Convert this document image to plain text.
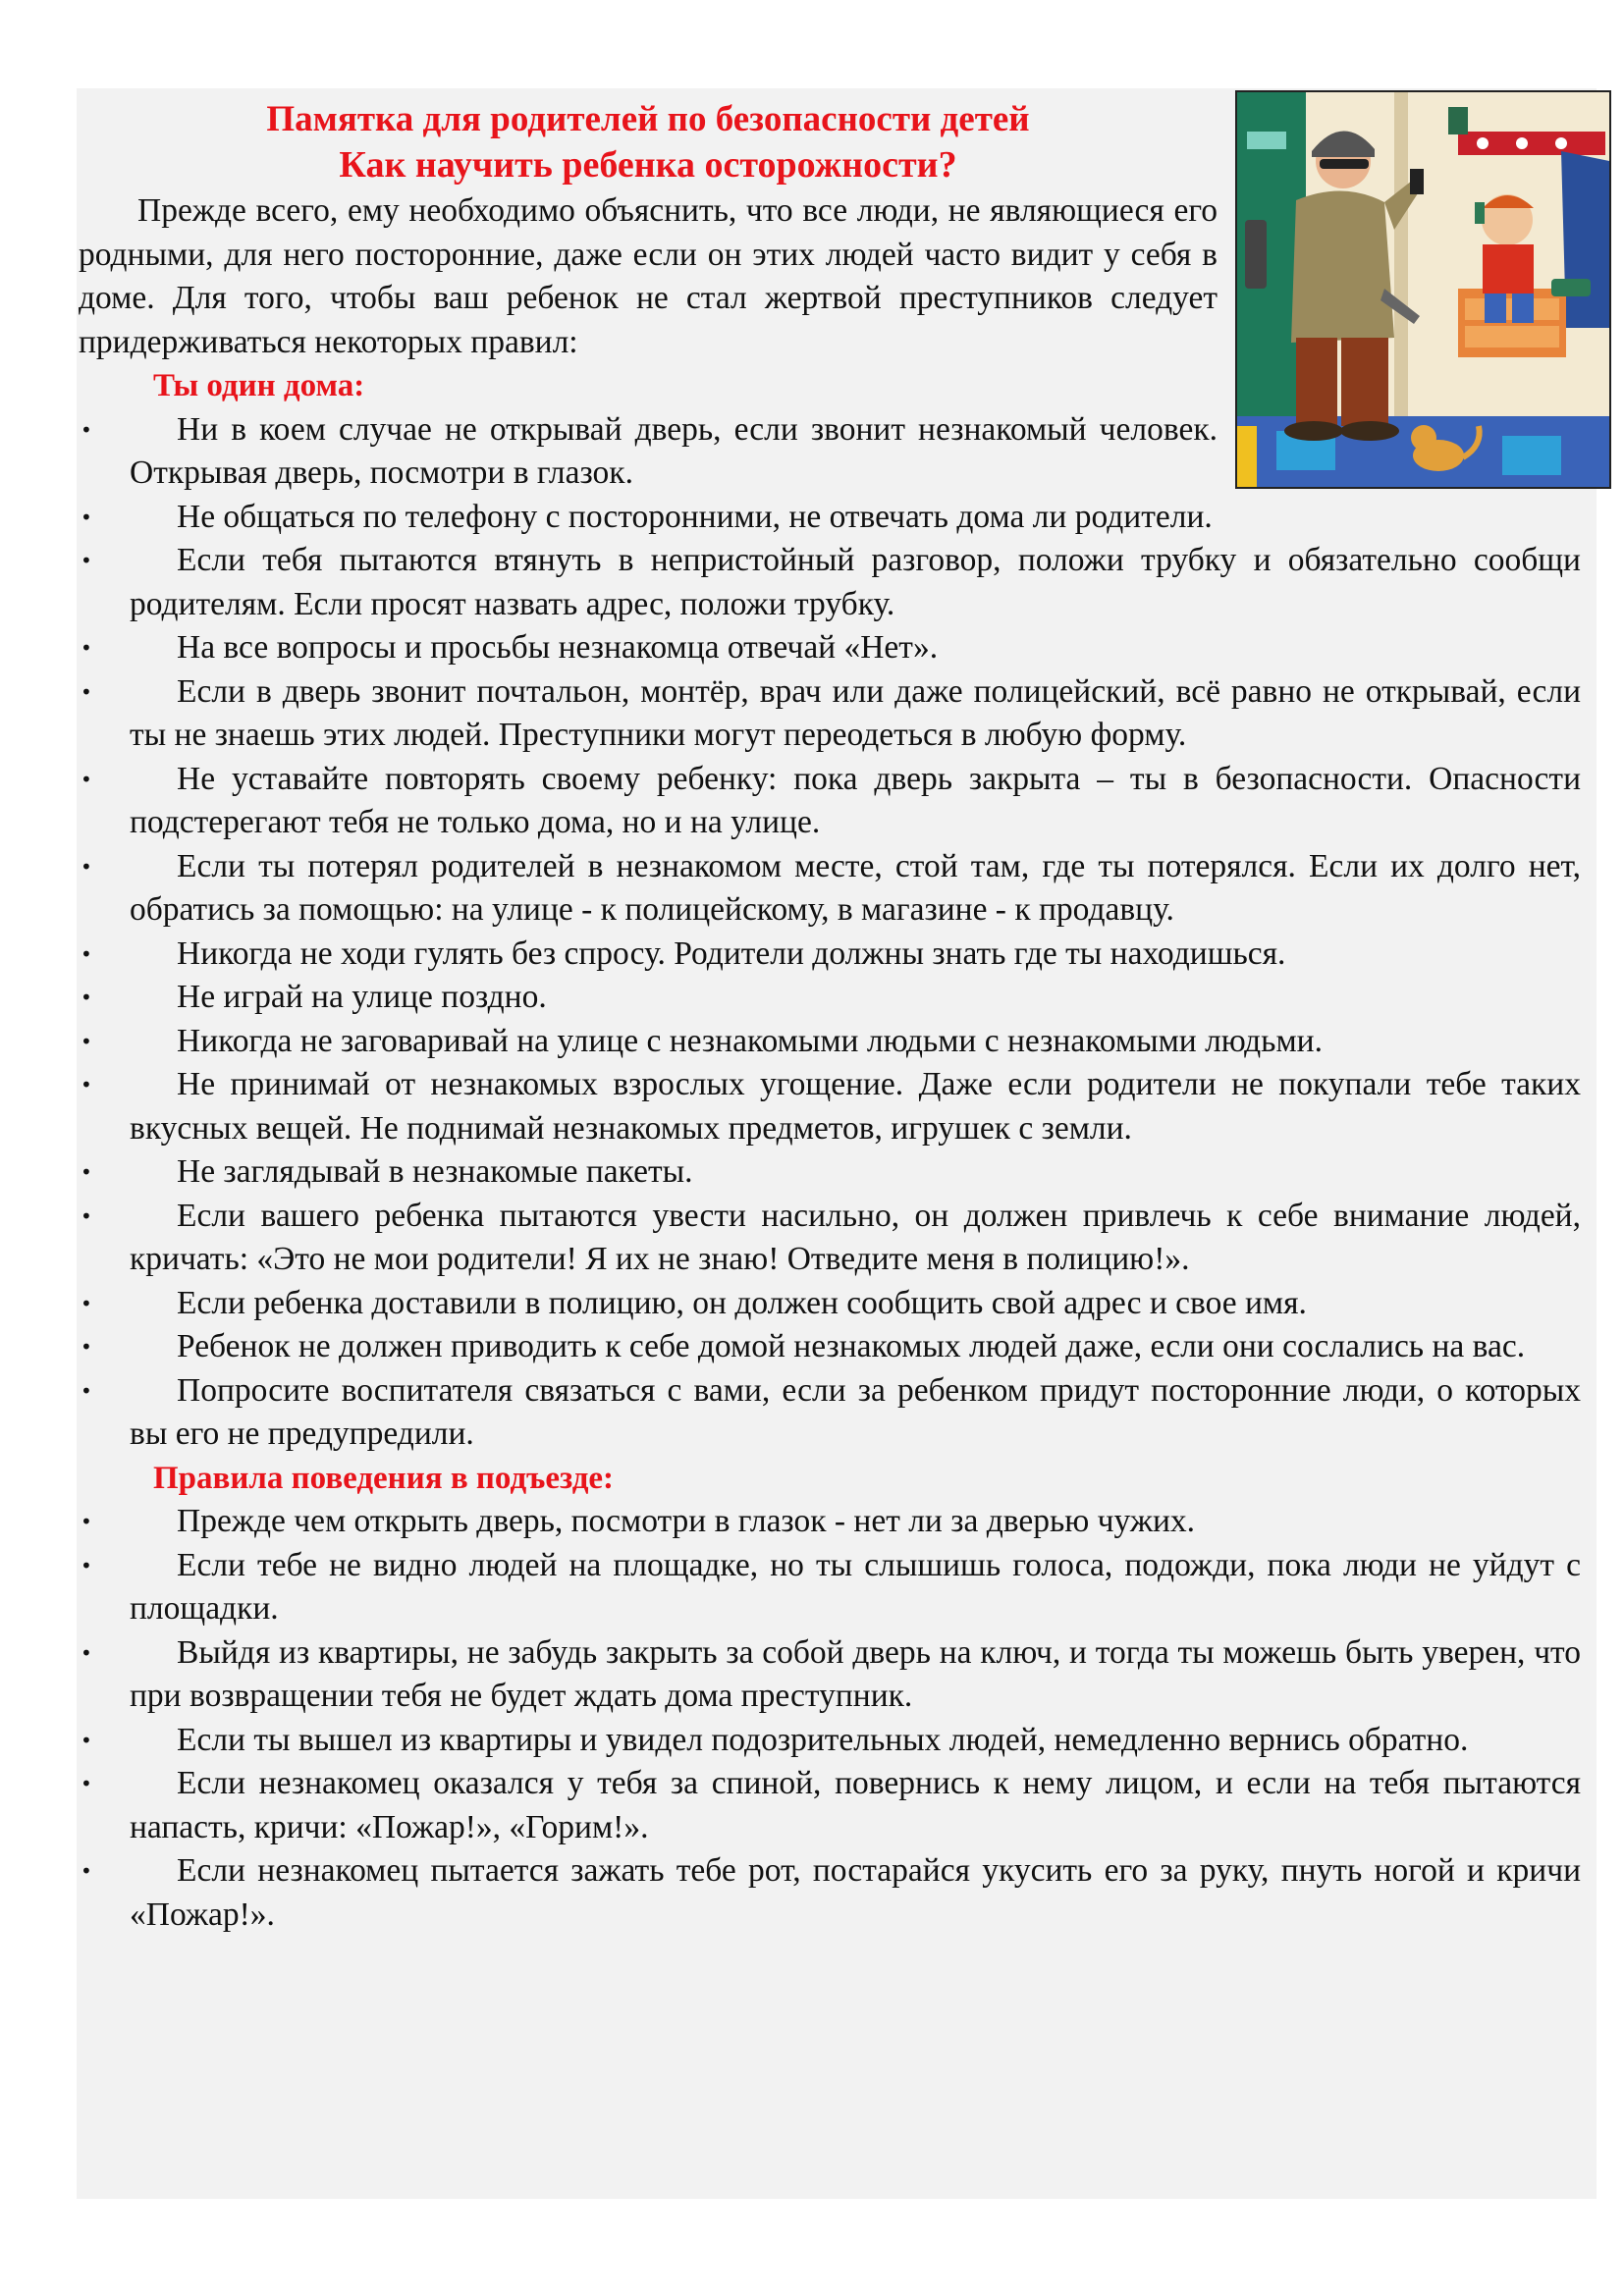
Памятка для родителей по безопасности детей
Как научить ребенка осторожности?

Прежде всего, ему необходимо объяснить, что все люди, не являющиеся его родными, для него посторонние, даже если он этих людей часто видит у себя в доме. Для того, чтобы ваш ребенок не стал жертвой преступников следует придерживаться некоторых правил:

Ты один дома:
•	Ни в коем случае не открывай дверь, если звонит незнакомый человек. Открывая дверь, посмотри в глазок.
•	Не общаться по телефону с посторонними, не отвечать дома ли родители.
•	Если тебя пытаются втянуть в непристойный разговор, положи трубку и обязательно сообщи родителям. Если просят назвать адрес, положи трубку.
•	На все вопросы и просьбы незнакомца отвечай «Нет».
•	Если в дверь звонит почтальон, монтёр, врач или даже полицейский, всё равно не открывай, если ты не знаешь этих людей. Преступники могут переодеться в любую форму.
•	Не уставайте повторять своему ребенку: пока дверь закрыта – ты в безопасности. Опасности подстерегают тебя не только дома, но и на улице.
•	Если ты потерял родителей в незнакомом месте, стой там, где ты потерялся. Если их долго нет, обратись за помощью: на улице - к полицейскому, в магазине - к продавцу.
•	Никогда не ходи гулять без спросу. Родители должны знать где ты находишься.
•	Не играй на улице поздно.
•	Никогда не заговаривай на улице с незнакомыми людьми с незнакомыми людьми.
•	Не принимай от незнакомых взрослых угощение. Даже если родители не покупали тебе таких вкусных вещей. Не поднимай незнакомых предметов, игрушек с земли.
•	Не заглядывай в незнакомые пакеты.
•	Если вашего ребенка пытаются увести насильно, он должен привлечь к себе внимание людей, кричать: «Это не мои родители! Я их не знаю! Отведите меня в полицию!».
•	Если ребенка доставили в полицию, он должен сообщить свой адрес и свое имя.
•	Ребенок не должен приводить к себе домой незнакомых людей даже, если они сослались на вас.
•	Попросите воспитателя связаться с вами, если за ребенком придут посторонние люди, о которых вы его не предупредили.
Правила поведения в подъезде:
•	Прежде чем открыть дверь, посмотри в глазок - нет ли за дверью чужих.
•	Если тебе не видно людей на площадке, но ты слышишь голоса, подожди, пока люди не уйдут с площадки.
•	Выйдя из квартиры, не забудь закрыть за собой дверь на ключ, и тогда ты можешь быть уверен, что при возвращении тебя не будет ждать дома преступник.
•	Если ты вышел из квартиры и увидел подозрительных людей, немедленно вернись обратно.
•	Если незнакомец оказался у тебя за спиной, повернись к нему лицом, и если на тебя пытаются напасть, кричи: «Пожар!», «Горим!».
•	Если незнакомец пытается зажать тебе рот, постарайся укусить его за руку, пнуть ногой и кричи «Пожар!».
